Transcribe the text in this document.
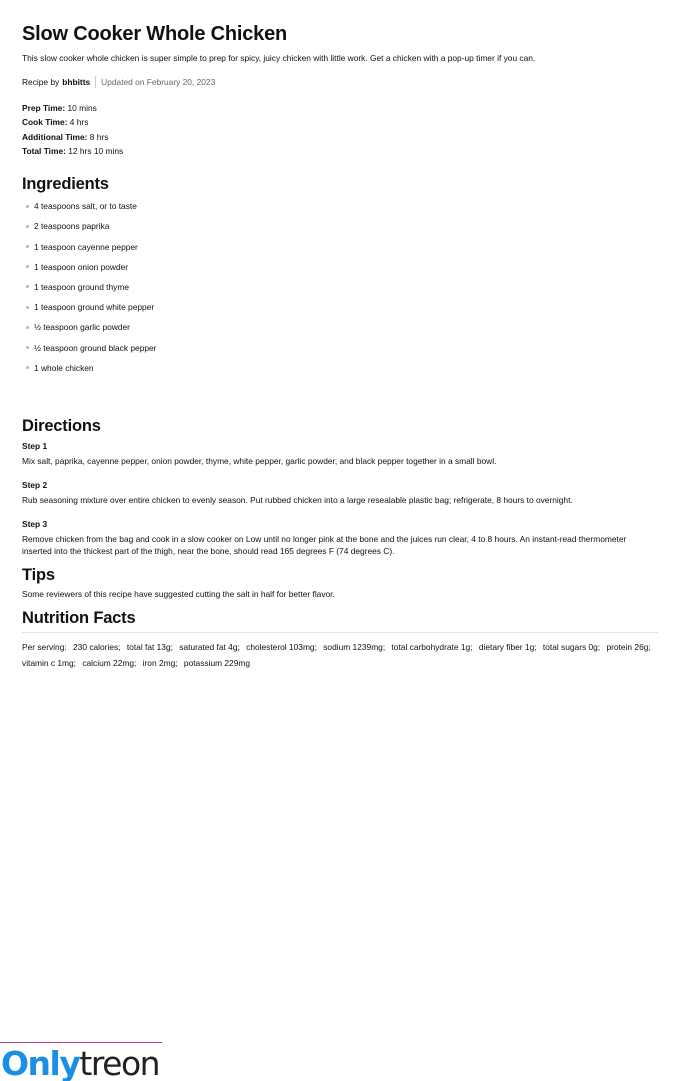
Slow Cooker Whole Chicken

This slow cooker whole chicken is super simple to prep for spicy, juicy chicken with little work. Get a chicken with a pop-up timer if you can.

Recipe by bhbitts Updated on February 20, 2023
Prep Time: 10 mins
Cook Time: 4 hrs
Additional Time: 8 hrs
Total Time: 12 hrs 10 mins
Ingredients
4 teaspoons salt, or to taste
2 teaspoons paprika
1 teaspoon cayenne pepper
1 teaspoon onion powder
1 teaspoon ground thyme
1 teaspoon ground white pepper
½ teaspoon garlic powder
½ teaspoon ground black pepper
1 whole chicken
Directions
Step 1
Mix salt, paprika, cayenne pepper, onion powder, thyme, white pepper, garlic powder, and black pepper together in a small bowl.
Step 2
Rub seasoning mixture over entire chicken to evenly season. Put rubbed chicken into a large resealable plastic bag; refrigerate, 8 hours to overnight.
Step 3
Remove chicken from the bag and cook in a slow cooker on Low until no longer pink at the bone and the juices run clear, 4 to 8 hours. An instant-read thermometer inserted into the thickest part of the thigh, near the bone, should read 165 degrees F (74 degrees C).
Tips
Some reviewers of this recipe have suggested cutting the salt in half for better flavor.
Nutrition Facts
Per serving: 230 calories; total fat 13g; saturated fat 4g; cholesterol 103mg; sodium 1239mg; total carbohydrate 1g; dietary fiber 1g; total sugars 0g; protein 26g; vitamin c 1mg; calcium 22mg; iron 2mg; potassium 229mg
Onlytreon
